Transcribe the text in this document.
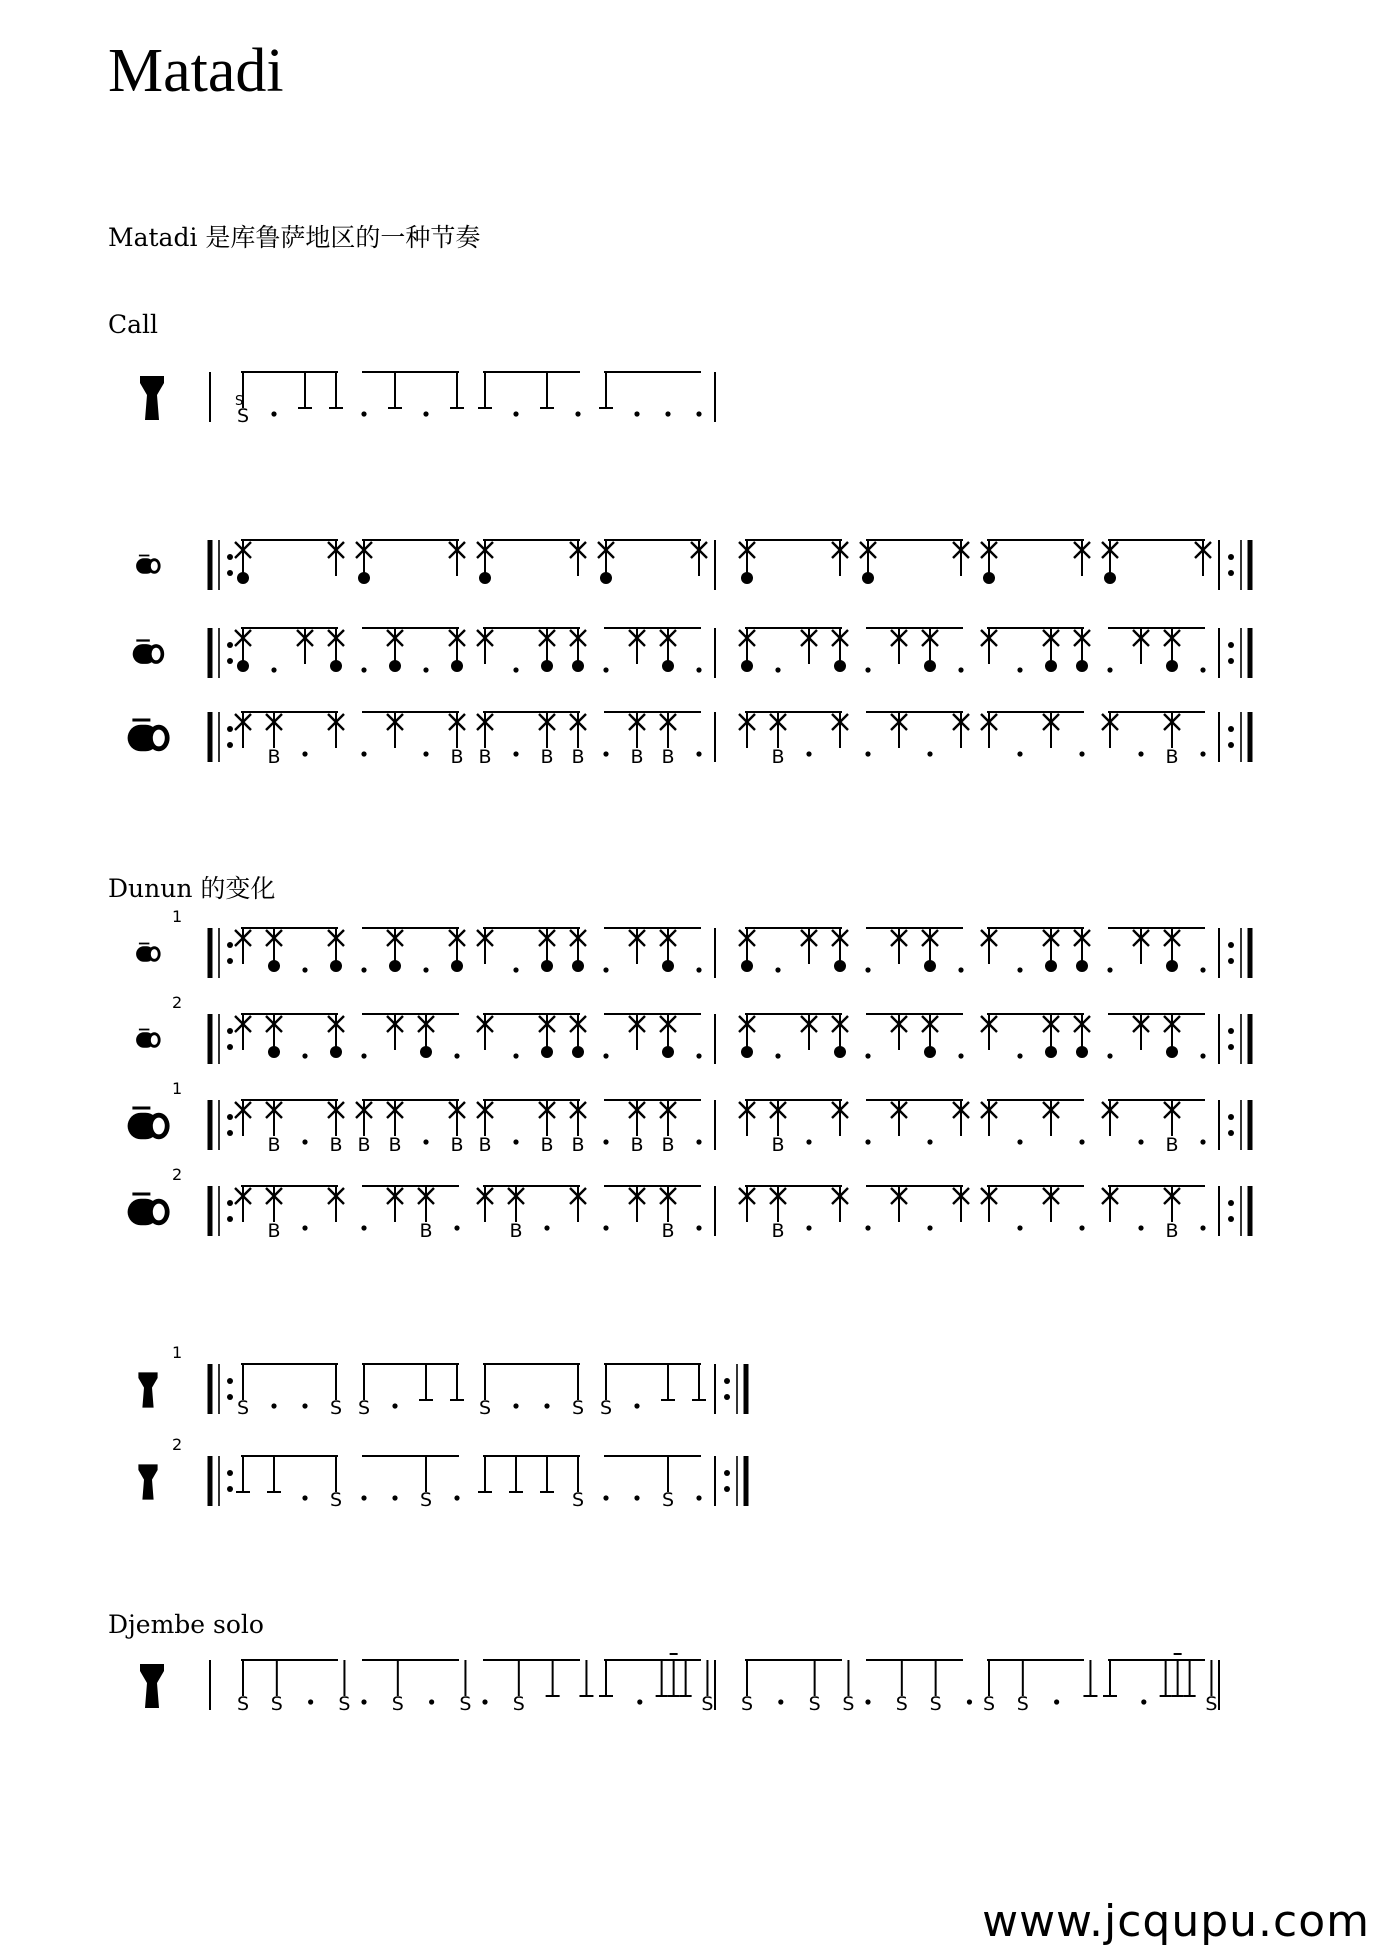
Matadi
Matadi 是库鲁萨地区的一种节奏
Call
Dunun 的变化
Djembe solo
S
S
B	B B	B B B B	B	B
1
2
1
B	B B B	B B	B B B B	B	B
2
B	B	B	B	B	B
1
S	S S	S	S S
2
S	S	S	S
S S	S S	S S	S S	S S S S S S	S
www.jcqupu.com
